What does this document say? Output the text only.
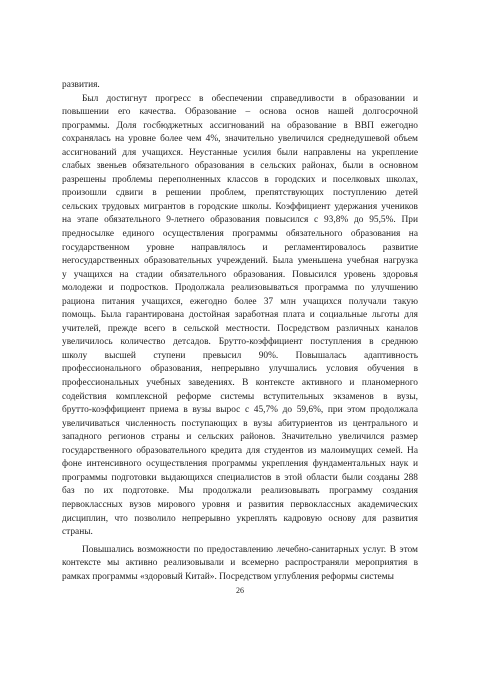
развития.
Был достигнут прогресс в обеспечении справедливости в образовании и
повышении его качества. Образование – основа основ нашей долгосрочной
программы. Доля госбюджетных ассигнований на образование в ВВП ежегодно
сохранялась на уровне более чем 4%, значительно увеличился среднедушевой объем
ассигнований для учащихся. Неустанные усилия были направлены на укрепление
слабых звеньев обязательного образования в сельских районах, были в основном
разрешены проблемы переполненных классов в городских и поселковых школах,
произошли сдвиги в решении проблем, препятствующих поступлению детей
сельских трудовых мигрантов в городские школы. Коэффициент удержания учеников
на этапе обязательного 9-летнего образования повысился с 93,8% до 95,5%. При
предносылке единого осуществления программы обязательного образования на
государственном уровне направлялось и регламентировалось развитие
негосударственных образовательных учреждений. Была уменьшена учебная нагрузка
у учащихся на стадии обязательного образования. Повысился уровень здоровья
молодежи и подростков. Продолжала реализовываться программа по улучшению
рациона питания учащихся, ежегодно более 37 млн учащихся получали такую
помощь. Была гарантирована достойная заработная плата и социальные льготы для
учителей, прежде всего в сельской местности. Посредством различных каналов
увеличилось количество детсадов. Брутто-коэффициент поступления в среднюю
школу высшей ступени превысил 90%. Повышалась адаптивность
профессионального образования, непрерывно улучшались условия обучения в
профессиональных учебных заведениях. В контексте активного и планомерного
содействия комплексной реформе системы вступительных экзаменов в вузы,
брутто-коэффициент приема в вузы вырос с 45,7% до 59,6%, при этом продолжала
увеличиваться численность поступающих в вузы абитуриентов из центрального и
западного регионов страны и сельских районов. Значительно увеличился размер
государственного образовательного кредита для студентов из малоимущих семей. На
фоне интенсивного осуществления программы укрепления фундаментальных наук и
программы подготовки выдающихся специалистов в этой области были созданы 288
баз по их подготовке. Мы продолжали реализовывать программу создания
первоклассных вузов мирового уровня и развития первоклассных академических
дисциплин, что позволило непрерывно укреплять кадровую основу для развития
страны.
Повышались возможности по предоставлению лечебно-санитарных услуг. В этом
контексте мы активно реализовывали и всемерно распространяли мероприятия в
рамках программы «здоровый Китай». Посредством углубления реформы системы
26
